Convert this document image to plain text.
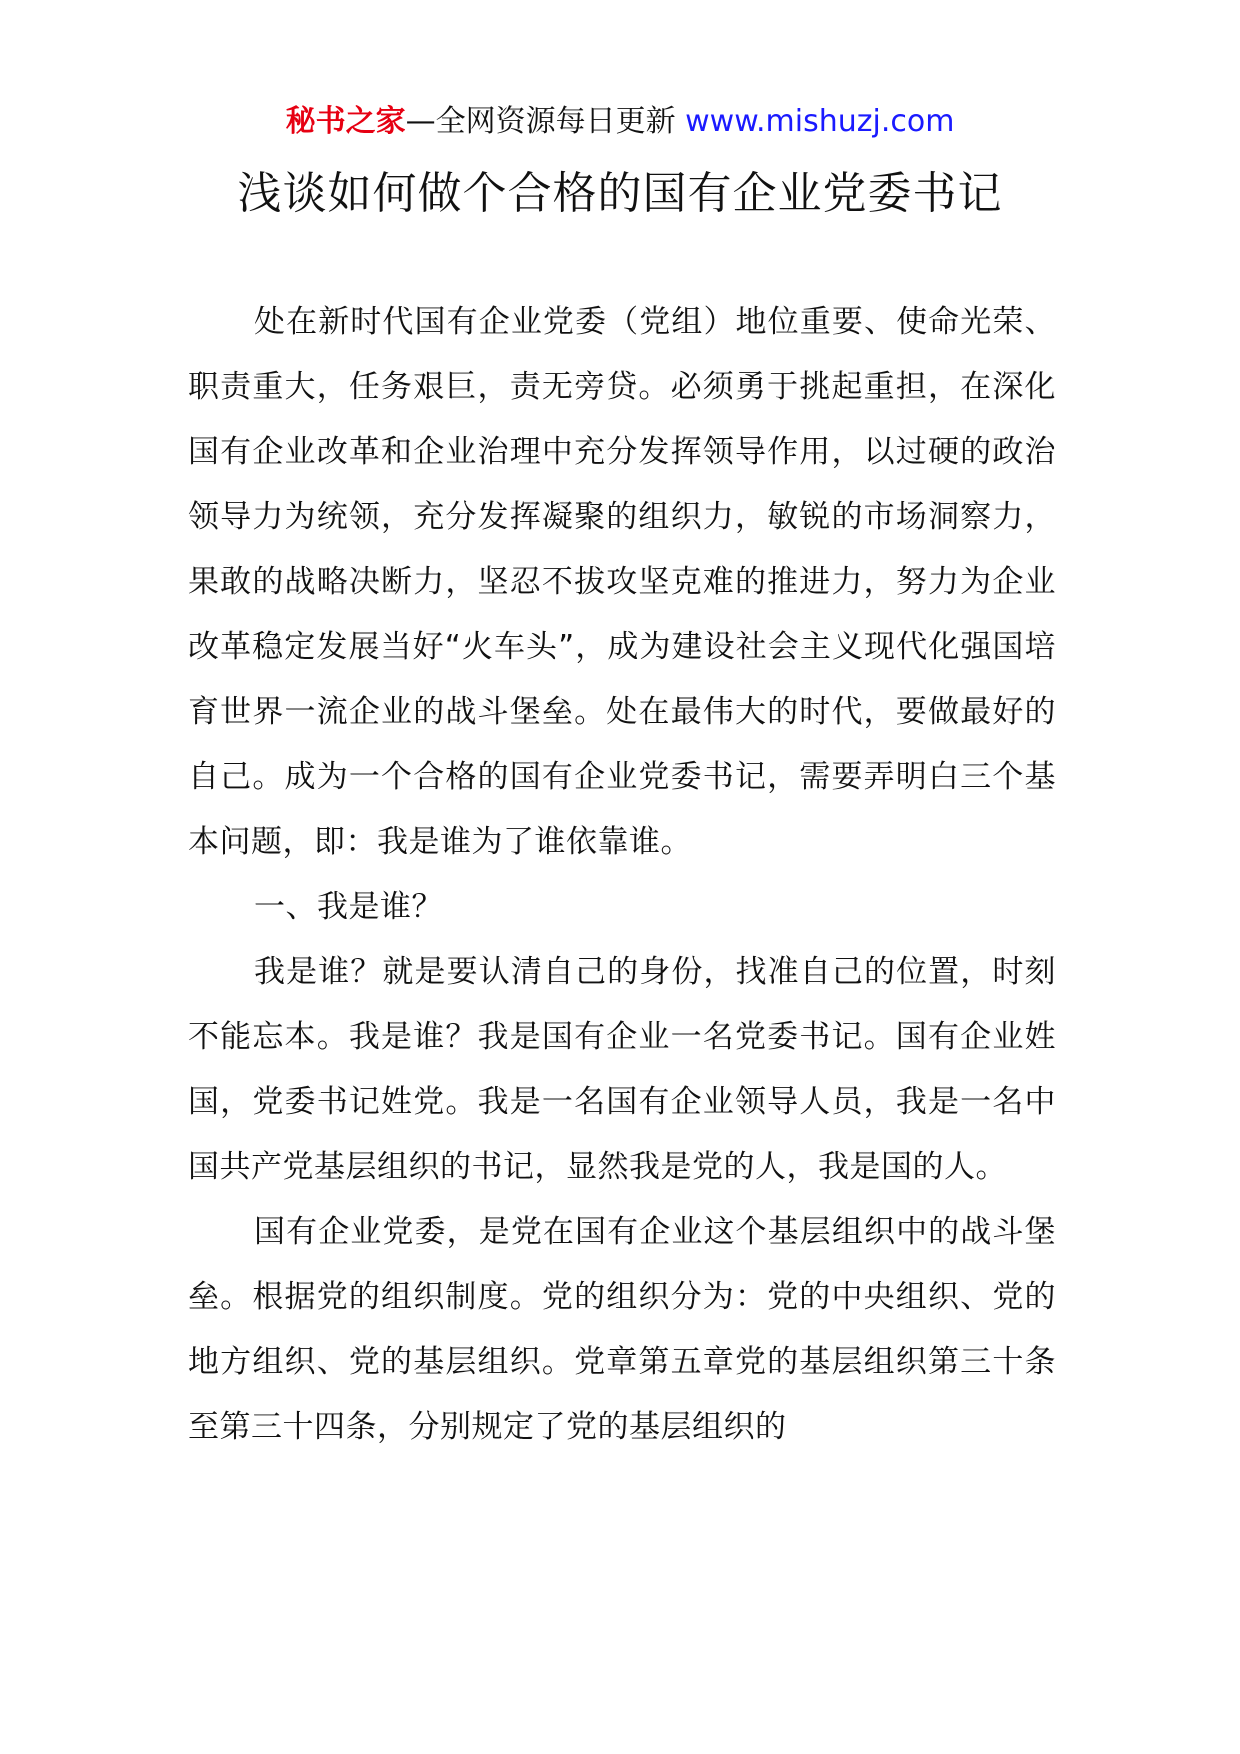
秘书之家—全网资源每日更新 www.mishuzj.com
浅谈如何做个合格的国有企业党委书记

处在新时代国有企业党委（党组）地位重要、使命光荣、职责重大，任务艰巨，责无旁贷。必须勇于挑起重担，在深化国有企业改革和企业治理中充分发挥领导作用，以过硬的政治领导力为统领，充分发挥凝聚的组织力，敏锐的市场洞察力，果敢的战略决断力，坚忍不拔攻坚克难的推进力，努力为企业改革稳定发展当好“火车头”，成为建设社会主义现代化强国培育世界一流企业的战斗堡垒。处在最伟大的时代，要做最好的自己。成为一个合格的国有企业党委书记，需要弄明白三个基本问题，即：我是谁为了谁依靠谁。

一、我是谁？

我是谁？就是要认清自己的身份，找准自己的位置，时刻不能忘本。我是谁？我是国有企业一名党委书记。国有企业姓国，党委书记姓党。我是一名国有企业领导人员，我是一名中国共产党基层组织的书记，显然我是党的人，我是国的人。

国有企业党委，是党在国有企业这个基层组织中的战斗堡垒。根据党的组织制度。党的组织分为：党的中央组织、党的地方组织、党的基层组织。党章第五章党的基层组织第三十条至第三十四条，分别规定了党的基层组织的
